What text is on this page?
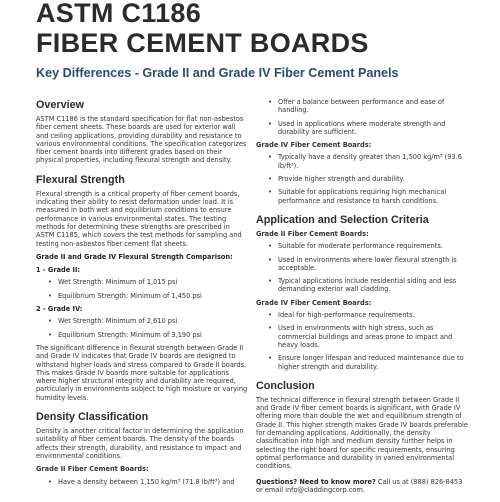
ASTM C1186
FIBER CEMENT BOARDS
Key Differences - Grade II and Grade IV Fiber Cement Panels
Overview

ASTM C1186 is the standard specification for flat non-asbestos fiber cement sheets. These boards are used for exterior wall and ceiling applications, providing durability and resistance to various environmental conditions. The specification categorizes fiber cement boards into different grades based on their physical properties, including flexural strength and density.

Flexural Strength

Flexural strength is a critical property of fiber cement boards, indicating their ability to resist deformation under load. It is measured in both wet and equilibrium conditions to ensure performance in various environmental states. The testing methods for determining these strengths are prescribed in ASTM C1185, which covers the test methods for sampling and testing non-asbestos fiber cement flat sheets.

Grade II and Grade IV Flexural Strength Comparison:

1 - Grade II:

• Wet Strength: Minimum of 1,015 psi
• Equilibrium Strength: Minimum of 1,450 psi

2 - Grade IV:

• Wet Strength: Minimum of 2,610 psi
• Equilibrium Strength: Minimum of 3,190 psi

The significant difference in flexural strength between Grade II and Grade IV indicates that Grade IV boards are designed to withstand higher loads and stress compared to Grade II boards. This makes Grade IV boards more suitable for applications where higher structural integrity and durability are required, particularly in environments subject to high moisture or varying humidity levels.

Density Classification

Density is another critical factor in determining the application suitability of fiber cement boards. The density of the boards affects their strength, durability, and resistance to impact and environmental conditions.

Grade II Fiber Cement Boards:

• Have a density between 1,150 kg/m³ (71.8 lb/ft³) and
• Offer a balance between performance and ease of handling.
• Used in applications where moderate strength and durability are sufficient.

Grade IV Fiber Cement Boards:

• Typically have a density greater than 1,500 kg/m³ (93.6 lb/ft³).
• Provide higher strength and durability.
• Suitable for applications requiring high mechanical performance and resistance to harsh conditions.
Application and Selection Criteria

Grade II Fiber Cement Boards:

• Suitable for moderate performance requirements.
• Used in environments where lower flexural strength is acceptable.
• Typical applications include residential siding and less demanding exterior wall cladding.

Grade IV Fiber Cement Boards:

• Ideal for high-performance requirements.
• Used in environments with high stress, such as commercial buildings and areas prone to impact and heavy loads.
• Ensure longer lifespan and reduced maintenance due to higher strength and durability.
Conclusion

The technical difference in flexural strength between Grade II and Grade IV fiber cement boards is significant, with Grade IV offering more than double the wet and equilibrium strength of Grade II. This higher strength makes Grade IV boards preferable for demanding applications. Additionally, the density classification into high and medium density further helps in selecting the right board for specific requirements, ensuring optimal performance and durability in varied environmental conditions.

Questions? Need to know more? Call us at (888) 826-8453 or email info@claddingcorp.com.
